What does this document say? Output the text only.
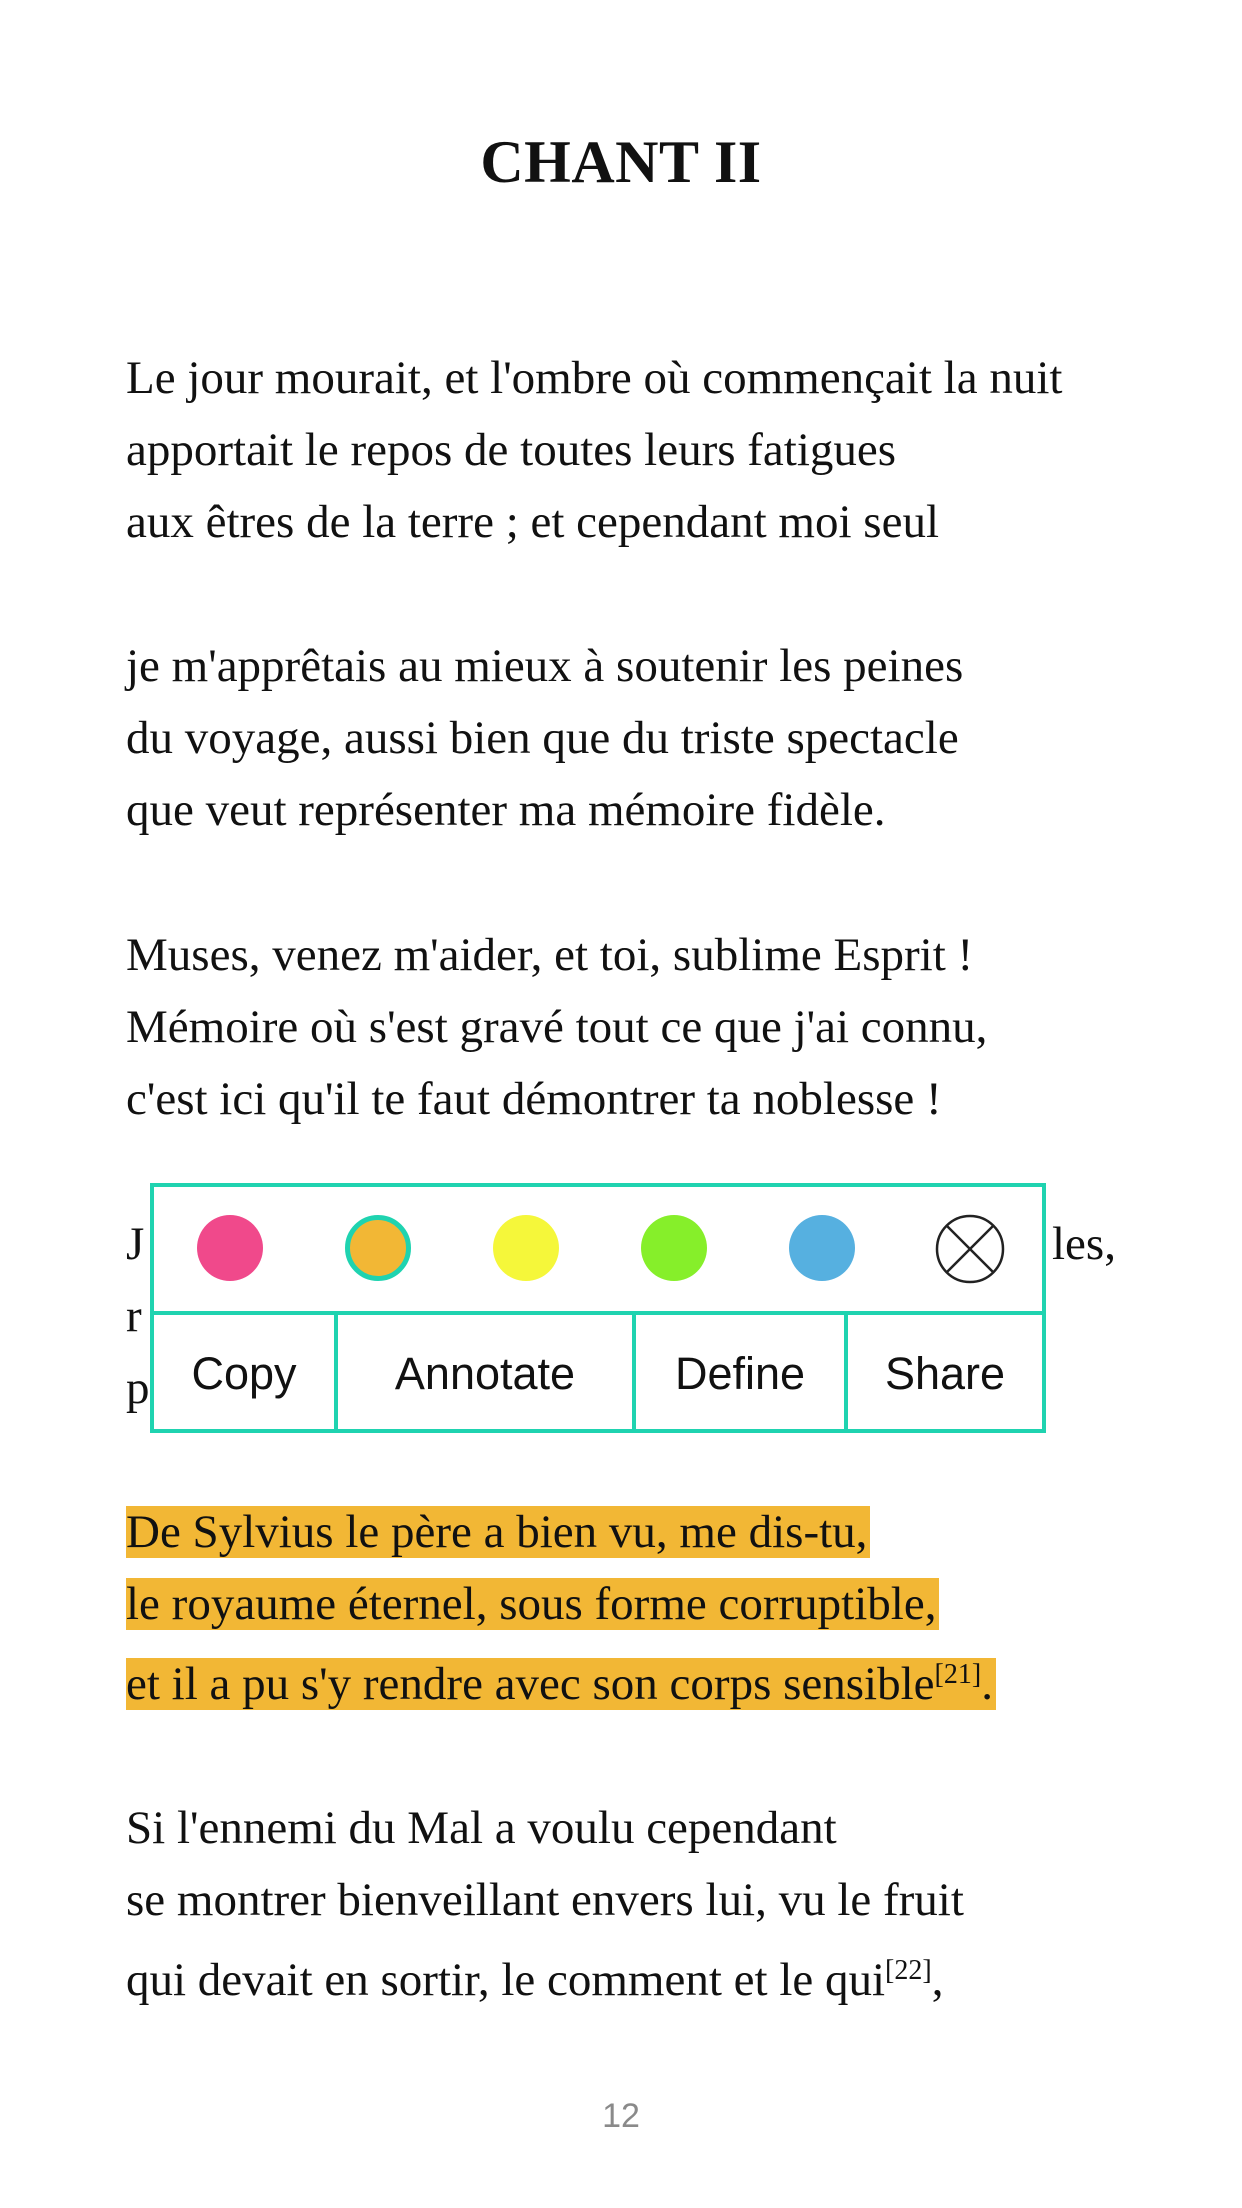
CHANT II
Le jour mourait, et l'ombre où commençait la nuit
apportait le repos de toutes leurs fatigues
aux êtres de la terre ; et cependant moi seul
je m'apprêtais au mieux à soutenir les peines
du voyage, aussi bien que du triste spectacle
que veut représenter ma mémoire fidèle.
Muses, venez m'aider, et toi, sublime Esprit !
Mémoire où s'est gravé tout ce que j'ai connu,
c'est ici qu'il te faut démontrer ta noblesse !
J	les,
r
p
De Sylvius le père a bien vu, me dis-tu,
le royaume éternel, sous forme corruptible,
et il a pu s'y rendre avec son corps sensible[21].
Si l'ennemi du Mal a voulu cependant
se montrer bienveillant envers lui, vu le fruit
qui devait en sortir, le comment et le qui[22],
12
Copy	Annotate	Define	Share
